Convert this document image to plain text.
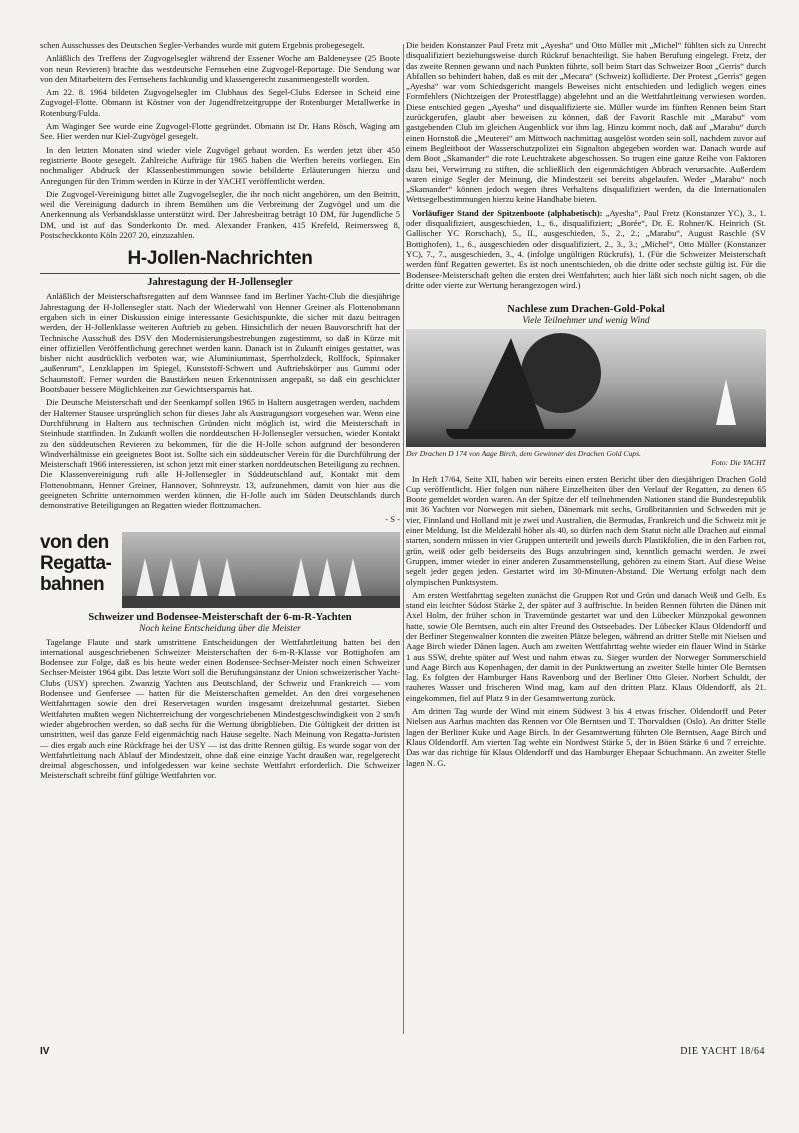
schen Ausschusses des Deutschen Segler-Verbandes wurde mit gutem Ergebnis probegesegelt.

Anläßlich des Treffens der Zugvogelsegler während der Essener Woche am Baldeneysee (25 Boote von neun Revieren) brachte das westdeutsche Fernsehen eine Zugvogel-Reportage. Die Sendung war von den Mitarbeitern des Fernsehens fachkundig und klassengerecht zusammengestellt worden.

Am 22. 8. 1964 bildeten Zugvogelsegler im Clubhaus des Segel-Clubs Edersee in Scheid eine Zugvogel-Flotte. Obmann ist Köstner von der Jugendfreizeitgruppe der Rotenburger Metallwerke in Rotenburg/Fulda.

Am Waginger See wurde eine Zugvogel-Flotte gegründet. Obmann ist Dr. Hans Rösch, Waging am See. Hier werden nur Kiel-Zugvögel gesegelt.

In den letzten Monaten sind wieder viele Zugvögel gebaut worden. Es werden jetzt über 450 registrierte Boote gesegelt. Zahlreiche Aufträge für 1965 haben die Werften bereits vorliegen. Ein nochmaliger Abdruck der Klassenbestimmungen sowie bebilderte Erläuterungen hierzu und Anregungen für den Trimm werden in Kürze in der YACHT veröffentlicht werden.

Die Zugvogel-Vereinigung bittet alle Zugvogelsegler, die ihr noch nicht angehören, um den Beitritt, weil die Vereinigung dadurch in ihrem Bemühen um die Verbreitung der Zugvögel und um die Anerkennung als Verbandsklasse unterstützt wird. Der Jahresbeitrag beträgt 10 DM, für Jugendliche 5 DM, und ist auf das Sonderkonto Dr. med. Alexander Franken, 415 Krefeld, Reimersweg 8, Postscheckkonto Köln 2207 20, einzuzahlen.

H-Jollen-Nachrichten
Jahrestagung der H-Jollensegler

Anläßlich der Meisterschaftsregatten auf dem Wannsee fand im Berliner Yacht-Club die diesjährige Jahrestagung der H-Jollensegler statt. Nach der Wiederwahl von Henner Greiner als Flottenobmann ergaben sich in einer Diskussion einige interessante Gesichtspunkte, die sicher mit dazu beitragen werden, der H-Jollenklasse weiteren Auftrieb zu geben. Hinsichtlich der neuen Bauvorschrift hat der Technische Ausschuß des DSV den Modernisierungsbestrebungen zugestimmt, so daß in Kürze mit einer offiziellen Veröffentlichung gerechnet werden kann. Danach ist in Zukunft einiges gestattet, was bisher nicht ausdrücklich verboten war, wie Aluminiummast, Sperrholzdeck, Rollfock, Spinnaker „außenrum“, Lenzklappen im Spiegel, Kunststoff-Schwert und Auftriebskörper aus Gummi oder Schaumstoff. Ferner wurden die Baustärken neuen Erkenntnissen angepaßt, so daß ein geschickter Bootsbauer bessere Möglichkeiten zur Gewichtsersparnis hat.

Die Deutsche Meisterschaft und der Seenkampf sollen 1965 in Haltern ausgetragen werden, nachdem der Halterner Stausee ursprünglich schon für dieses Jahr als Austragungsort vorgesehen war. Wenn eine Durchführung in Haltern aus technischen Gründen nicht möglich ist, wird die Meisterschaft in Steinhude stattfinden. In Zukunft wollen die norddeutschen H-Jollensegler versuchen, wieder Kontakt zu den süddeutschen Revieren zu bekommen, für die die H-Jolle schon aufgrund der besonderen Windverhältnisse ein geeignetes Boot ist. Sollte sich ein süddeutscher Verein für die Durchführung der Meisterschaft 1966 interessieren, ist schon jetzt mit einer starken norddeutschen Beteiligung zu rechnen. Die Klassenvereinigung ruft alle H-Jollensegler in Süddeutschland auf, Kontakt mit dem Flottenobmann, Henner Greiner, Hannover, Sohnreystr. 13, aufzunehmen, damit von hier aus die geeigneten Schritte unternommen werden können, die H-Jolle auch im Süden Deutschlands durch demonstrative Beteiligungen an Regatten wieder flottzumachen.

- S -
von den Regatta-bahnen
Schweizer und Bodensee-Meisterschaft der 6-m-R-Yachten
Noch keine Entscheidung über die Meister

Tagelange Flaute und stark umstrittene Entscheidungen der Wettfahrtleitung hatten bei den international ausgeschriebenen Schweizer Meisterschaften der 6-m-R-Klasse vor Bottighofen am Bodensee zur Folge, daß es bis heute weder einen Bodensee-Sechser-Meister noch einen Schweizer Sechser-Meister 1964 gibt. Das letzte Wort soll die Berufungsinstanz der Union schweizerischer Yacht-Clubs (USY) sprechen. Zwanzig Yachten aus Deutschland, der Schweiz und Frankreich — vom Bodensee und Genfersee — hatten für die Meisterschaften gemeldet. An den drei vorgesehenen Wettfahrttagen sowie den drei Reservetagen wurden insgesamt dreizehnmal gestartet. Sieben Wettfahrten mußten wegen Nichterreichung der vorgeschriebenen Mindestgeschwindigkeit von 2 sm/h wieder abgebrochen werden, so daß sechs für die Wertung übrigblieben. Die Gültigkeit der dritten ist umstritten, weil das ganze Feld eigenmächtig nach Hause segelte. Nach Meinung von Regatta-Juristen — dies ergab auch eine Rückfrage bei der USY — ist das dritte Rennen gültig. Es wurde sogar von der Wettfahrtleitung nach Ablauf der Mindestzeit, ohne daß eine einzige Yacht draußen war, regelgerecht dreimal abgeschossen, und infolgedessen war keine sechste Wettfahrt erforderlich. Die Schweizer Meisterschaft schreibt fünf gültige Wettfahrten vor.

Die beiden Konstanzer Paul Fretz mit „Ayesha“ und Otto Müller mit „Michel“ fühlten sich zu Unrecht disqualifiziert beziehungsweise durch Rückruf benachteiligt. Sie haben Berufung eingelegt. Fretz, der das zweite Rennen gewann und nach Punkten führte, soll beim Start das Schweizer Boot „Gerris“ durch Abfallen so behindert haben, daß es mit der „Mecara“ (Schweiz) kollidierte. Der Protest „Gerris“ gegen „Ayesha“ war vom Schiedsgericht mangels Beweises nicht entschieden und lediglich wegen eines Formfehlers (Nichtzeigen der Protestflagge) abgelehnt und an die Wettfahrtleitung verwiesen worden. Diese entschied gegen „Ayesha“ und disqualifizierte sie. Müller wurde im fünften Rennen beim Start zurückgerufen, glaubt aber beweisen zu können, daß der Favorit Raschle mit „Marabu“ vom gastgebenden Club im gleichen Augenblick vor ihm lag. Hinzu kommt noch, daß auf „Marabu“ durch einen Hornstoß die „Meuterei“ am Mittwoch nachmittag ausgelöst worden sein soll, nachdem zuvor auf einem Begleitboot der Wasserschutzpolizei ein Signalton abgegeben worden war. Danach wurde auf dem Boot „Skamander“ die rote Leuchtrakete abgeschossen. So trugen eine ganze Reihe von Faktoren dazu bei, Verwirrung zu stiften, die schließlich den eigenmächtigen Abbruch verursachte. Außerdem waren einige Segler der Meinung, die Mindestzeit sei bereits abgelaufen. Weder „Marabu“ noch „Skamander“ können jedoch wegen ihres Verhaltens disqualifiziert werden, da die Internationalen Wettsegelbestimmungen hierzu keine Handhabe bieten.

Vorläufiger Stand der Spitzenboote (alphabetisch): „Ayesha“, Paul Fretz (Konstanzer YC), 3., 1. oder disqualifiziert, ausgeschieden, 1., 6., disqualifiziert; „Borée“, Dr. E. Rohner/K. Heinrich (St. Gallischer YC Rorschach), 5., II., ausgeschieden, 5., 2., 2.; „Marabu“, August Raschle (SV Bottighofen), 1., 6., ausgeschieden oder disqualifiziert, 2., 3., 3.; „Michel“, Otto Müller (Konstanzer YC), 7., 7., ausgeschieden, 3., 4. (infolge ungültigen Rückrufs), 1. (Für die Schweizer Meisterschaft werden fünf Regatten gewertet. Es ist noch unentschieden, ob die dritte oder sechste gültig ist. Für die Bodensee-Meisterschaft gelten die ersten drei Wettfahrten; auch hier läßt sich noch nicht sagen, ob die dritte oder vierte zur Wertung herangezogen wird.)

Nachlese zum Drachen-Gold-Pokal
Viele Teilnehmer und wenig Wind
Der Drachen D 174 von Aage Birch, dem Gewinner des Drachen Gold Cups.
Foto: Die YACHT

In Heft 17/64, Seite XII, haben wir bereits einen ersten Bericht über den diesjährigen Drachen Gold Cup veröffentlicht. Hier folgen nun nähere Einzelheiten über den Verlauf der Regatten, zu denen 65 Boote gemeldet worden waren. An der Spitze der elf teilnehmenden Nationen stand die Bundesrepublik mit 36 Yachten vor Norwegen mit sieben, Dänemark mit sechs, Großbritannien und Schweden mit je vier, Finnland und Holland mit je zwei und Australien, die Bermudas, Frankreich und die Schweiz mit je einer Meldung. Ist die Meldezahl höher als 40, so dürfen nach dem Statut nicht alle Drachen auf einmal starten, sondern müssen in vier Gruppen unterteilt und jeweils durch Plastikfolien, die in den Farben rot, grün, weiß oder gelb beiderseits des Bugs anzubringen sind, kenntlich gemacht werden. Je zwei Gruppen, immer wieder in einer anderen Zusammenstellung, gehören zu einem Start. Auf diese Weise segelt jeder gegen jeden. Gestartet wird im 30-Minuten-Abstand. Die Wertung erfolgt nach dem olympischen Punktsystem.

Am ersten Wettfahrttag segelten zunächst die Gruppen Rot und Grün und danach Weiß und Gelb. Es stand ein leichter Südost Stärke 2, der später auf 3 auffrischte. In beiden Rennen führten die Dänen mit Axel Holm, der früher schon in Travemünde gestartet war und den Lübecker Münzpokal gewonnen hatte, sowie Ole Berntsen, auch ein alter Freund des Ostseebades. Der Lübecker Klaus Oldendorff und der Berliner Stegenwalner konnten die zweiten Plätze belegen, während an dritter Stelle mit Nielsen und Aage Birch wieder Dänen lagen. Auch am zweiten Wettfahrttag wehte wieder ein flauer Wind in Stärke 1 aus SSW, drehte später auf West und nahm etwas zu. Sieger wurden der Norweger Sommerschield und Aage Birch aus Kopenhagen, der damit in der Punktwertung an zweiter Stelle hinter Ole Berntsen lag. Es folgten der Hamburger Hans Ravenborg und der Berliner Otto Gleier. Norbert Schuldt, der rauheres Wasser und frischeren Wind mag, kam auf den dritten Platz. Klaus Oldendorff, als 21. eingekommen, fiel auf Platz 9 in der Gesamtwertung zurück.

Am dritten Tag wurde der Wind mit einem Südwest 3 bis 4 etwas frischer. Oldendorff und Peter Nielsen aus Aarhus machten das Rennen vor Ole Berntsen und T. Thorvaldsen (Oslo). An dritter Stelle lagen der Berliner Kuke und Aage Birch. In der Gesamtwertung führten Ole Berntsen, Aage Birch und Klaus Oldendorff. Am vierten Tag wehte ein Nordwest Stärke 5, der in Böen Stärke 6 und 7 erreichte. Das war das richtige für Klaus Oldendorff und das Hamburger Ehepaar Schuchmann. An zweiter Stelle lagen N. G.

IV	DIE YACHT 18/64
